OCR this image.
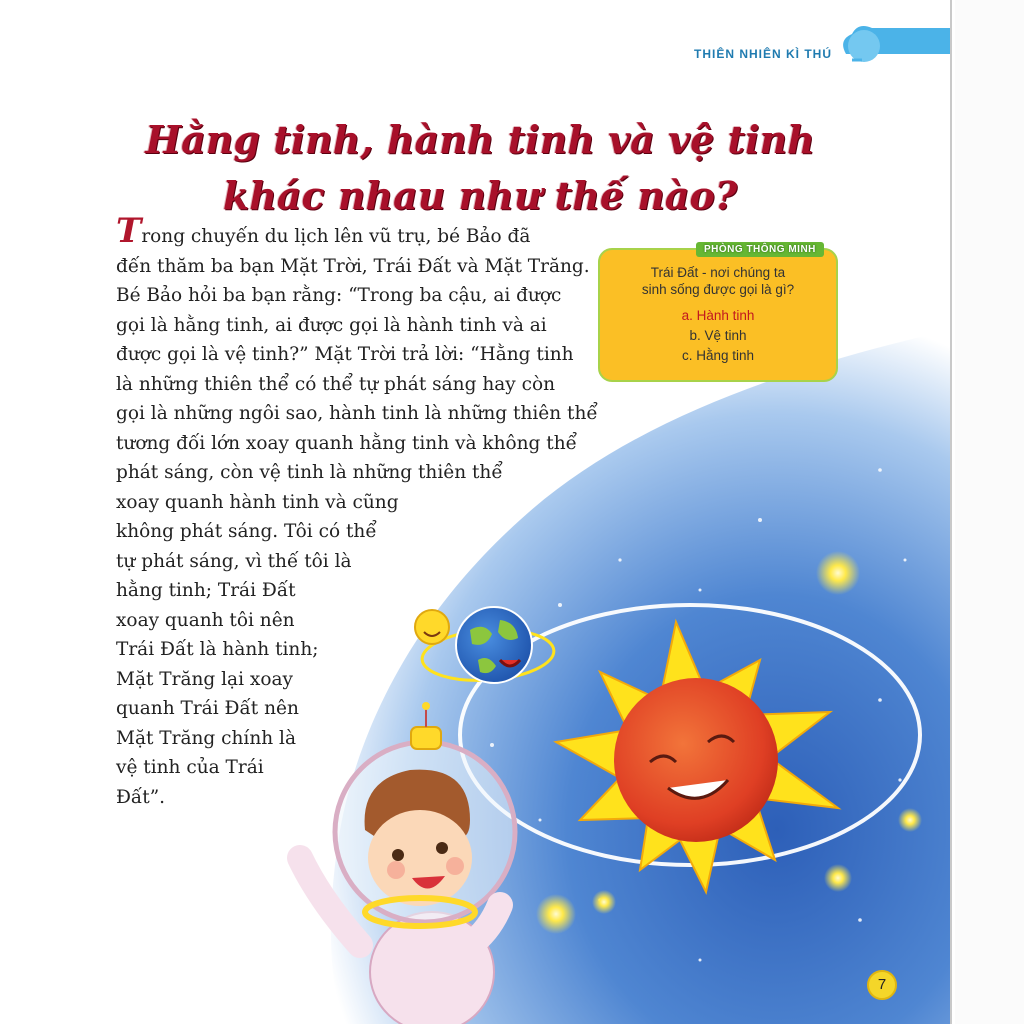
THIÊN NHIÊN KÌ THÚ
Hằng tinh, hành tinh và vệ tinh
khác nhau như thế nào?
Trong chuyến du lịch lên vũ trụ, bé Bảo đã
đến thăm ba bạn Mặt Trời, Trái Đất và Mặt Trăng.
Bé Bảo hỏi ba bạn rằng: “Trong ba cậu, ai được
gọi là hằng tinh, ai được gọi là hành tinh và ai
được gọi là vệ tinh?” Mặt Trời trả lời: “Hằng tinh
là những thiên thể có thể tự phát sáng hay còn
gọi là những ngôi sao, hành tinh là những thiên thể
tương đối lớn xoay quanh hằng tinh và không thể
phát sáng, còn vệ tinh là những thiên thể
xoay quanh hành tinh và cũng
không phát sáng. Tôi có thể
tự phát sáng, vì thế tôi là
hằng tinh; Trái Đất
xoay quanh tôi nên
Trái Đất là hành tinh;
Mặt Trăng lại xoay
quanh Trái Đất nên
Mặt Trăng chính là
vệ tinh của Trái
Đất”.
PHÒNG THÔNG MINH
Trái Đất - nơi chúng ta
sinh sống được gọi là gì?
a. Hành tinh
b. Vệ tinh
c. Hằng tinh
7
